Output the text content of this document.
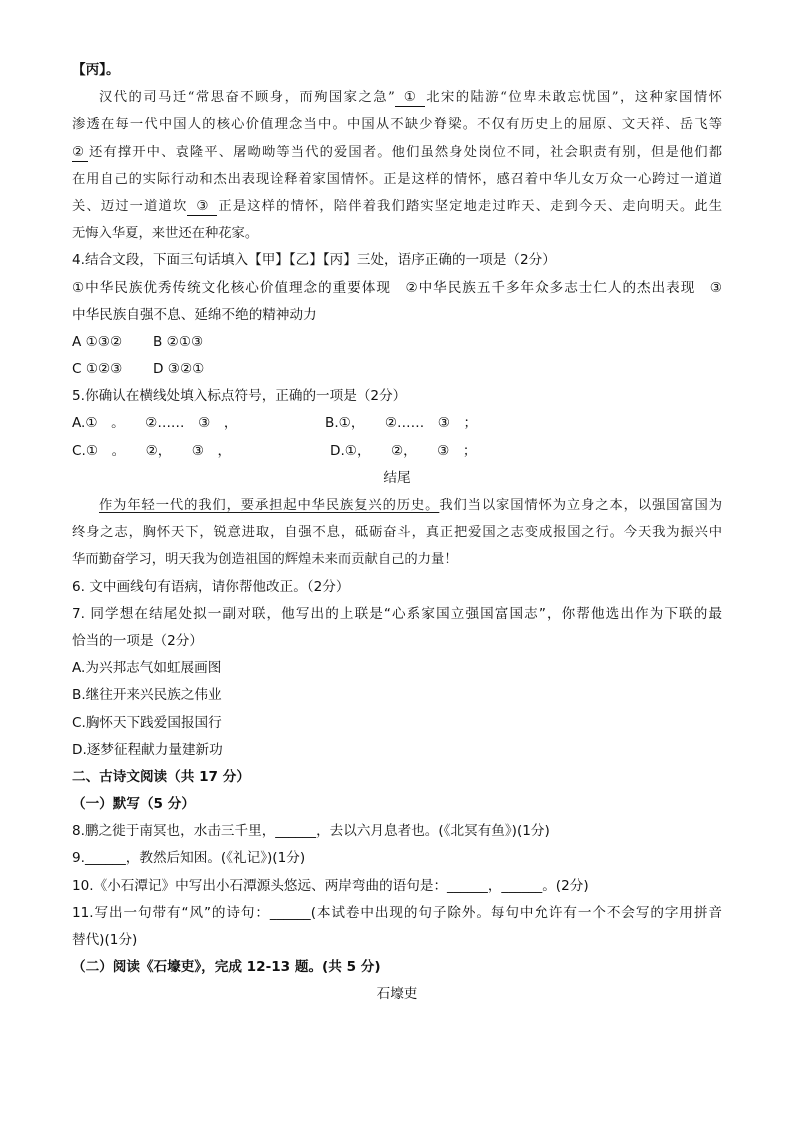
【丙】。
汉代的司马迁“常思奋不顾身，而殉国家之急” ① 北宋的陆游“位卑未敢忘忧国”，这种家国情怀
渗透在每一代中国人的核心价值理念当中。中国从不缺少脊梁。不仅有历史上的屈原、文天祥、岳飞等
② 还有撑开中、袁隆平、屠呦呦等当代的爱国者。他们虽然身处岗位不同，社会职责有别，但是他们都
在用自己的实际行动和杰出表现诠释着家国情怀。正是这样的情怀，感召着中华儿女万众一心跨过一道道
关、迈过一道道坎 ③ 正是这样的情怀，陪伴着我们踏实坚定地走过昨天、走到今天、走向明天。此生
无悔入华夏，来世还在种花家。
4.结合文段，下面三句话填入【甲】【乙】【丙】三处，语序正确的一项是（2分）
①中华民族优秀传统文化核心价值理念的重要体现　②中华民族五千多年众多志士仁人的杰出表现　③
中华民族自强不息、延绵不绝的精神动力
A ①③② B ②①③
C ①②③ D ③②①
5.你确认在横线处填入标点符号，正确的一项是（2分）
A.①　。　　②……　③　，	B.①，　　②……　③　；
C.①　。　　②，　　③　，	D.①，　　②，　　③　；
结尾
作为年轻一代的我们，要承担起中华民族复兴的历史。我们当以家国情怀为立身之本，以强国富国为
终身之志，胸怀天下，锐意进取，自强不息，砥砺奋斗，真正把爱国之志变成报国之行。今天我为振兴中
华而勤奋学习，明天我为创造祖国的辉煌未来而贡献自己的力量！
6. 文中画线句有语病，请你帮他改正。（2分）
7. 同学想在结尾处拟一副对联，他写出的上联是“心系家国立强国富国志”，你帮他选出作为下联的最
恰当的一项是（2分）
A.为兴邦志气如虹展画图
B.继往开来兴民族之伟业
C.胸怀天下践爱国报国行
D.逐梦征程献力量建新功
二、古诗文阅读（共 17 分）
（一）默写（5 分）
8.鹏之徙于南冥也，水击三千里，______，去以六月息者也。(《北冥有鱼》)(1分)
9.______，教然后知困。(《礼记》)(1分)
10.《小石潭记》中写出小石潭源头悠远、两岸弯曲的语句是：______，______。(2分)
11.写出一句带有“风”的诗句：______(本试卷中出现的句子除外。每句中允许有一个不会写的字用拼音
替代)(1分)
（二）阅读《石壕吏》，完成 12-13 题。(共 5 分)
石壕吏
